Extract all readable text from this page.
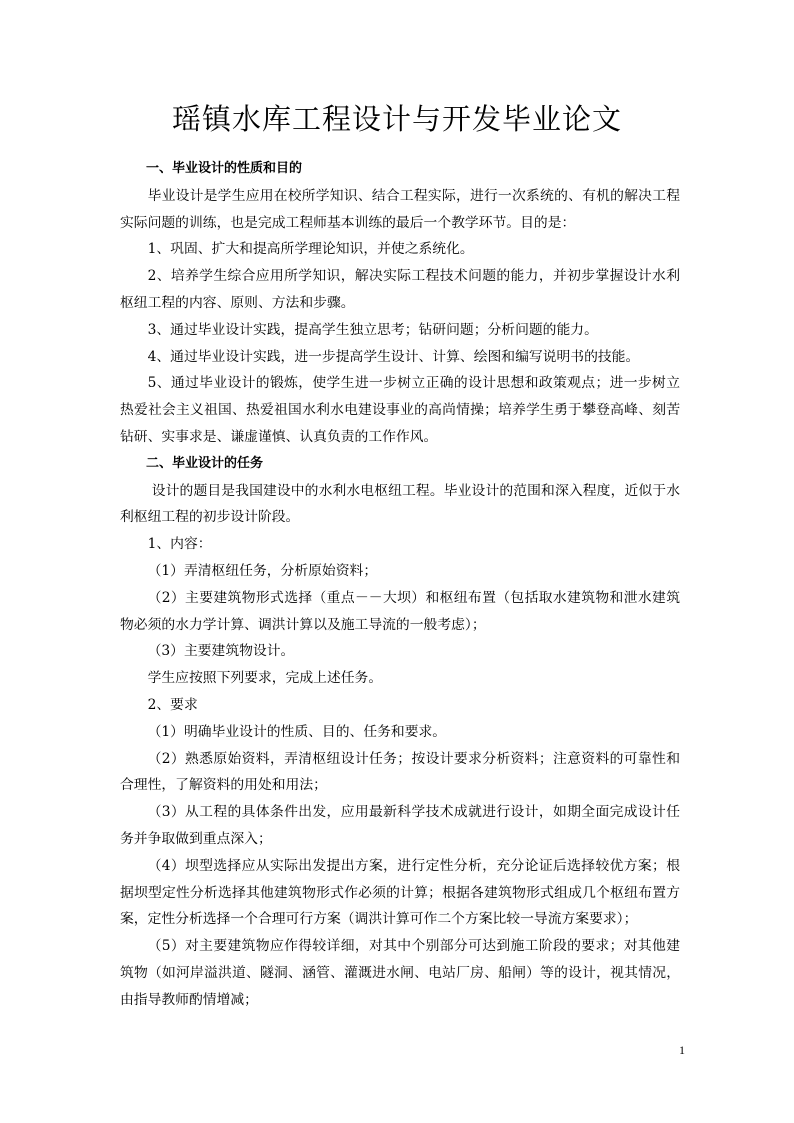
瑶镇水库工程设计与开发毕业论文

一、毕业设计的性质和目的

毕业设计是学生应用在校所学知识、结合工程实际，进行一次系统的、有机的解决工程实际问题的训练，也是完成工程师基本训练的最后一个教学环节。目的是：

1、巩固、扩大和提高所学理论知识，并使之系统化。

2、培养学生综合应用所学知识，解决实际工程技术问题的能力，并初步掌握设计水利枢纽工程的内容、原则、方法和步骤。

3、通过毕业设计实践，提高学生独立思考；钻研问题；分析问题的能力。

4、通过毕业设计实践，进一步提高学生设计、计算、绘图和编写说明书的技能。

5、通过毕业设计的锻炼，使学生进一步树立正确的设计思想和政策观点；进一步树立热爱社会主义祖国、热爱祖国水利水电建设事业的高尚情操；培养学生勇于攀登高峰、刻苦钻研、实事求是、谦虚谨慎、认真负责的工作作风。

二、毕业设计的任务

设计的题目是我国建设中的水利水电枢纽工程。毕业设计的范围和深入程度，近似于水利枢纽工程的初步设计阶段。

1、内容：

（1）弄清枢纽任务，分析原始资料；

（2）主要建筑物形式选择（重点－－大坝）和枢纽布置（包括取水建筑物和泄水建筑物必须的水力学计算、调洪计算以及施工导流的一般考虑）；

（3）主要建筑物设计。

学生应按照下列要求，完成上述任务。

2、要求

（1）明确毕业设计的性质、目的、任务和要求。

（2）熟悉原始资料，弄清枢纽设计任务；按设计要求分析资料；注意资料的可靠性和合理性，了解资料的用处和用法；

（3）从工程的具体条件出发，应用最新科学技术成就进行设计，如期全面完成设计任务并争取做到重点深入；

（4）坝型选择应从实际出发提出方案，进行定性分析，充分论证后选择较优方案；根据坝型定性分析选择其他建筑物形式作必须的计算；根据各建筑物形式组成几个枢纽布置方案，定性分析选择一个合理可行方案（调洪计算可作二个方案比较一导流方案要求）；

（5）对主要建筑物应作得较详细，对其中个别部分可达到施工阶段的要求；对其他建筑物（如河岸溢洪道、隧洞、涵管、灌溉进水闸、电站厂房、船闸）等的设计，视其情况，由指导教师酌情增减；

1
